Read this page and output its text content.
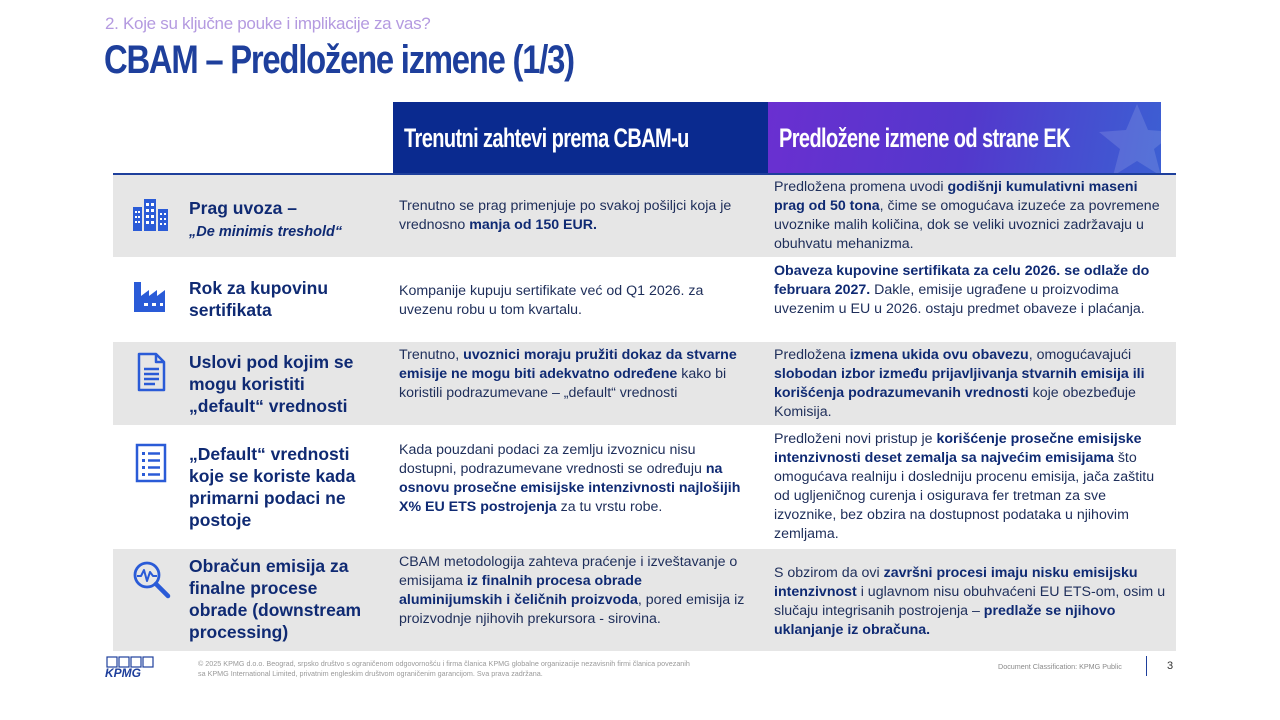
2. Koje su ključne pouke i implikacije za vas?
CBAM – Predložene izmene (1/3)
Trenutni zahtevi prema CBAM-u	Predložene izmene od strane EK
Prag uvoza –
„De minimis treshold“
Trenutno se prag primenjuje po svakoj pošiljci koja je vrednosno manja od 150 EUR.
Predložena promena uvodi godišnji kumulativni maseni prag od 50 tona, čime se omogućava izuzeće za povremene uvoznike malih količina, dok se veliki uvoznici zadržavaju u obuhvatu mehanizma.
Rok za kupovinu sertifikata
Kompanije kupuju sertifikate već od Q1 2026. za uvezenu robu u tom kvartalu.
Obaveza kupovine sertifikata za celu 2026. se odlaže do februara 2027. Dakle, emisije ugrađene u proizvodima uvezenim u EU u 2026. ostaju predmet obaveze i plaćanja.
Uslovi pod kojim se mogu koristiti „default“ vrednosti
Trenutno, uvoznici moraju pružiti dokaz da stvarne emisije ne mogu biti adekvatno određene kako bi koristili podrazumevane – „default“ vrednosti
Predložena izmena ukida ovu obavezu, omogućavajući slobodan izbor između prijavljivanja stvarnih emisija ili korišćenja podrazumevanih vrednosti koje obezbeđuje Komisija.
„Default“ vrednosti koje se koriste kada primarni podaci ne postoje
Kada pouzdani podaci za zemlju izvoznicu nisu dostupni, podrazumevane vrednosti se određuju na osnovu prosečne emisijske intenzivnosti najlošijih X% EU ETS postrojenja za tu vrstu robe.
Predloženi novi pristup je korišćenje prosečne emisijske intenzivnosti deset zemalja sa najvećim emisijama što omogućava realniju i dosledniju procenu emisija, jača zaštitu od ugljeničnog curenja i osigurava fer tretman za sve izvoznike, bez obzira na dostupnost podataka u njihovim zemljama.
Obračun emisija za finalne procese obrade (downstream processing)
CBAM metodologija zahteva praćenje i izveštavanje o emisijama iz finalnih procesa obrade aluminijumskih i čeličnih proizvoda, pored emisija iz proizvodnje njihovih prekursora - sirovina.
S obzirom da ovi završni procesi imaju nisku emisijsku intenzivnost i uglavnom nisu obuhvaćeni EU ETS-om, osim u slučaju integrisanih postrojenja – predlaže se njihovo uklanjanje iz obračuna.
KPMG
© 2025 KPMG d.o.o. Beograd, srpsko društvo s ograničenom odgovornošću i firma članica KPMG globalne organizacije nezavisnih firmi članica povezanih sa KPMG International Limited, privatnim engleskim društvom ograničenim garancijom. Sva prava zadržana.
Document Classification: KPMG Public	3
